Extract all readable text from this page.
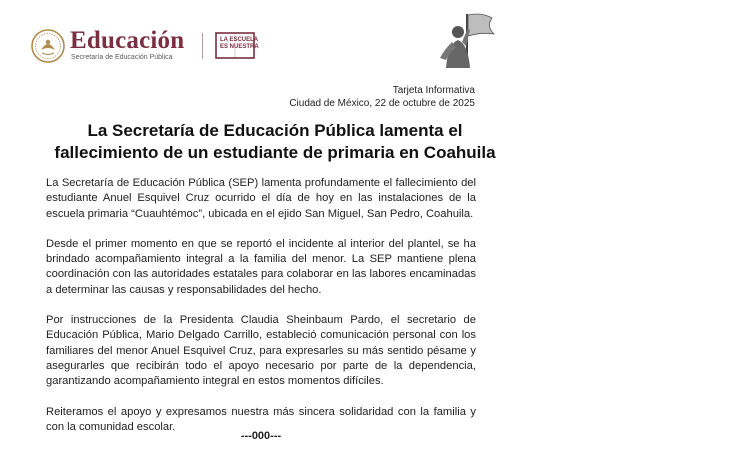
Educación
Secretaría de Educación Pública
LA ESCUELA
ES NUESTRA
Tarjeta Informativa
Ciudad de México, 22 de octubre de 2025
La Secretaría de Educación Pública lamenta el
fallecimiento de un estudiante de primaria en Coahuila

La Secretaría de Educación Pública (SEP) lamenta profundamente el fallecimiento del estudiante Anuel Esquivel Cruz ocurrido el día de hoy en las instalaciones de la escuela primaria “Cuauhtémoc”, ubicada en el ejido San Miguel, San Pedro, Coahuila.

Desde el primer momento en que se reportó el incidente al interior del plantel, se ha brindado acompañamiento integral a la familia del menor. La SEP mantiene plena coordinación con las autoridades estatales para colaborar en las labores encaminadas a determinar las causas y responsabilidades del hecho.

Por instrucciones de la Presidenta Claudia Sheinbaum Pardo, el secretario de Educación Pública, Mario Delgado Carrillo, estableció comunicación personal con los familiares del menor Anuel Esquivel Cruz, para expresarles su más sentido pésame y asegurarles que recibirán todo el apoyo necesario por parte de la dependencia, garantizando acompañamiento integral en estos momentos difíciles.

Reiteramos el apoyo y expresamos nuestra más sincera solidaridad con la familia y con la comunidad escolar.

---000---
